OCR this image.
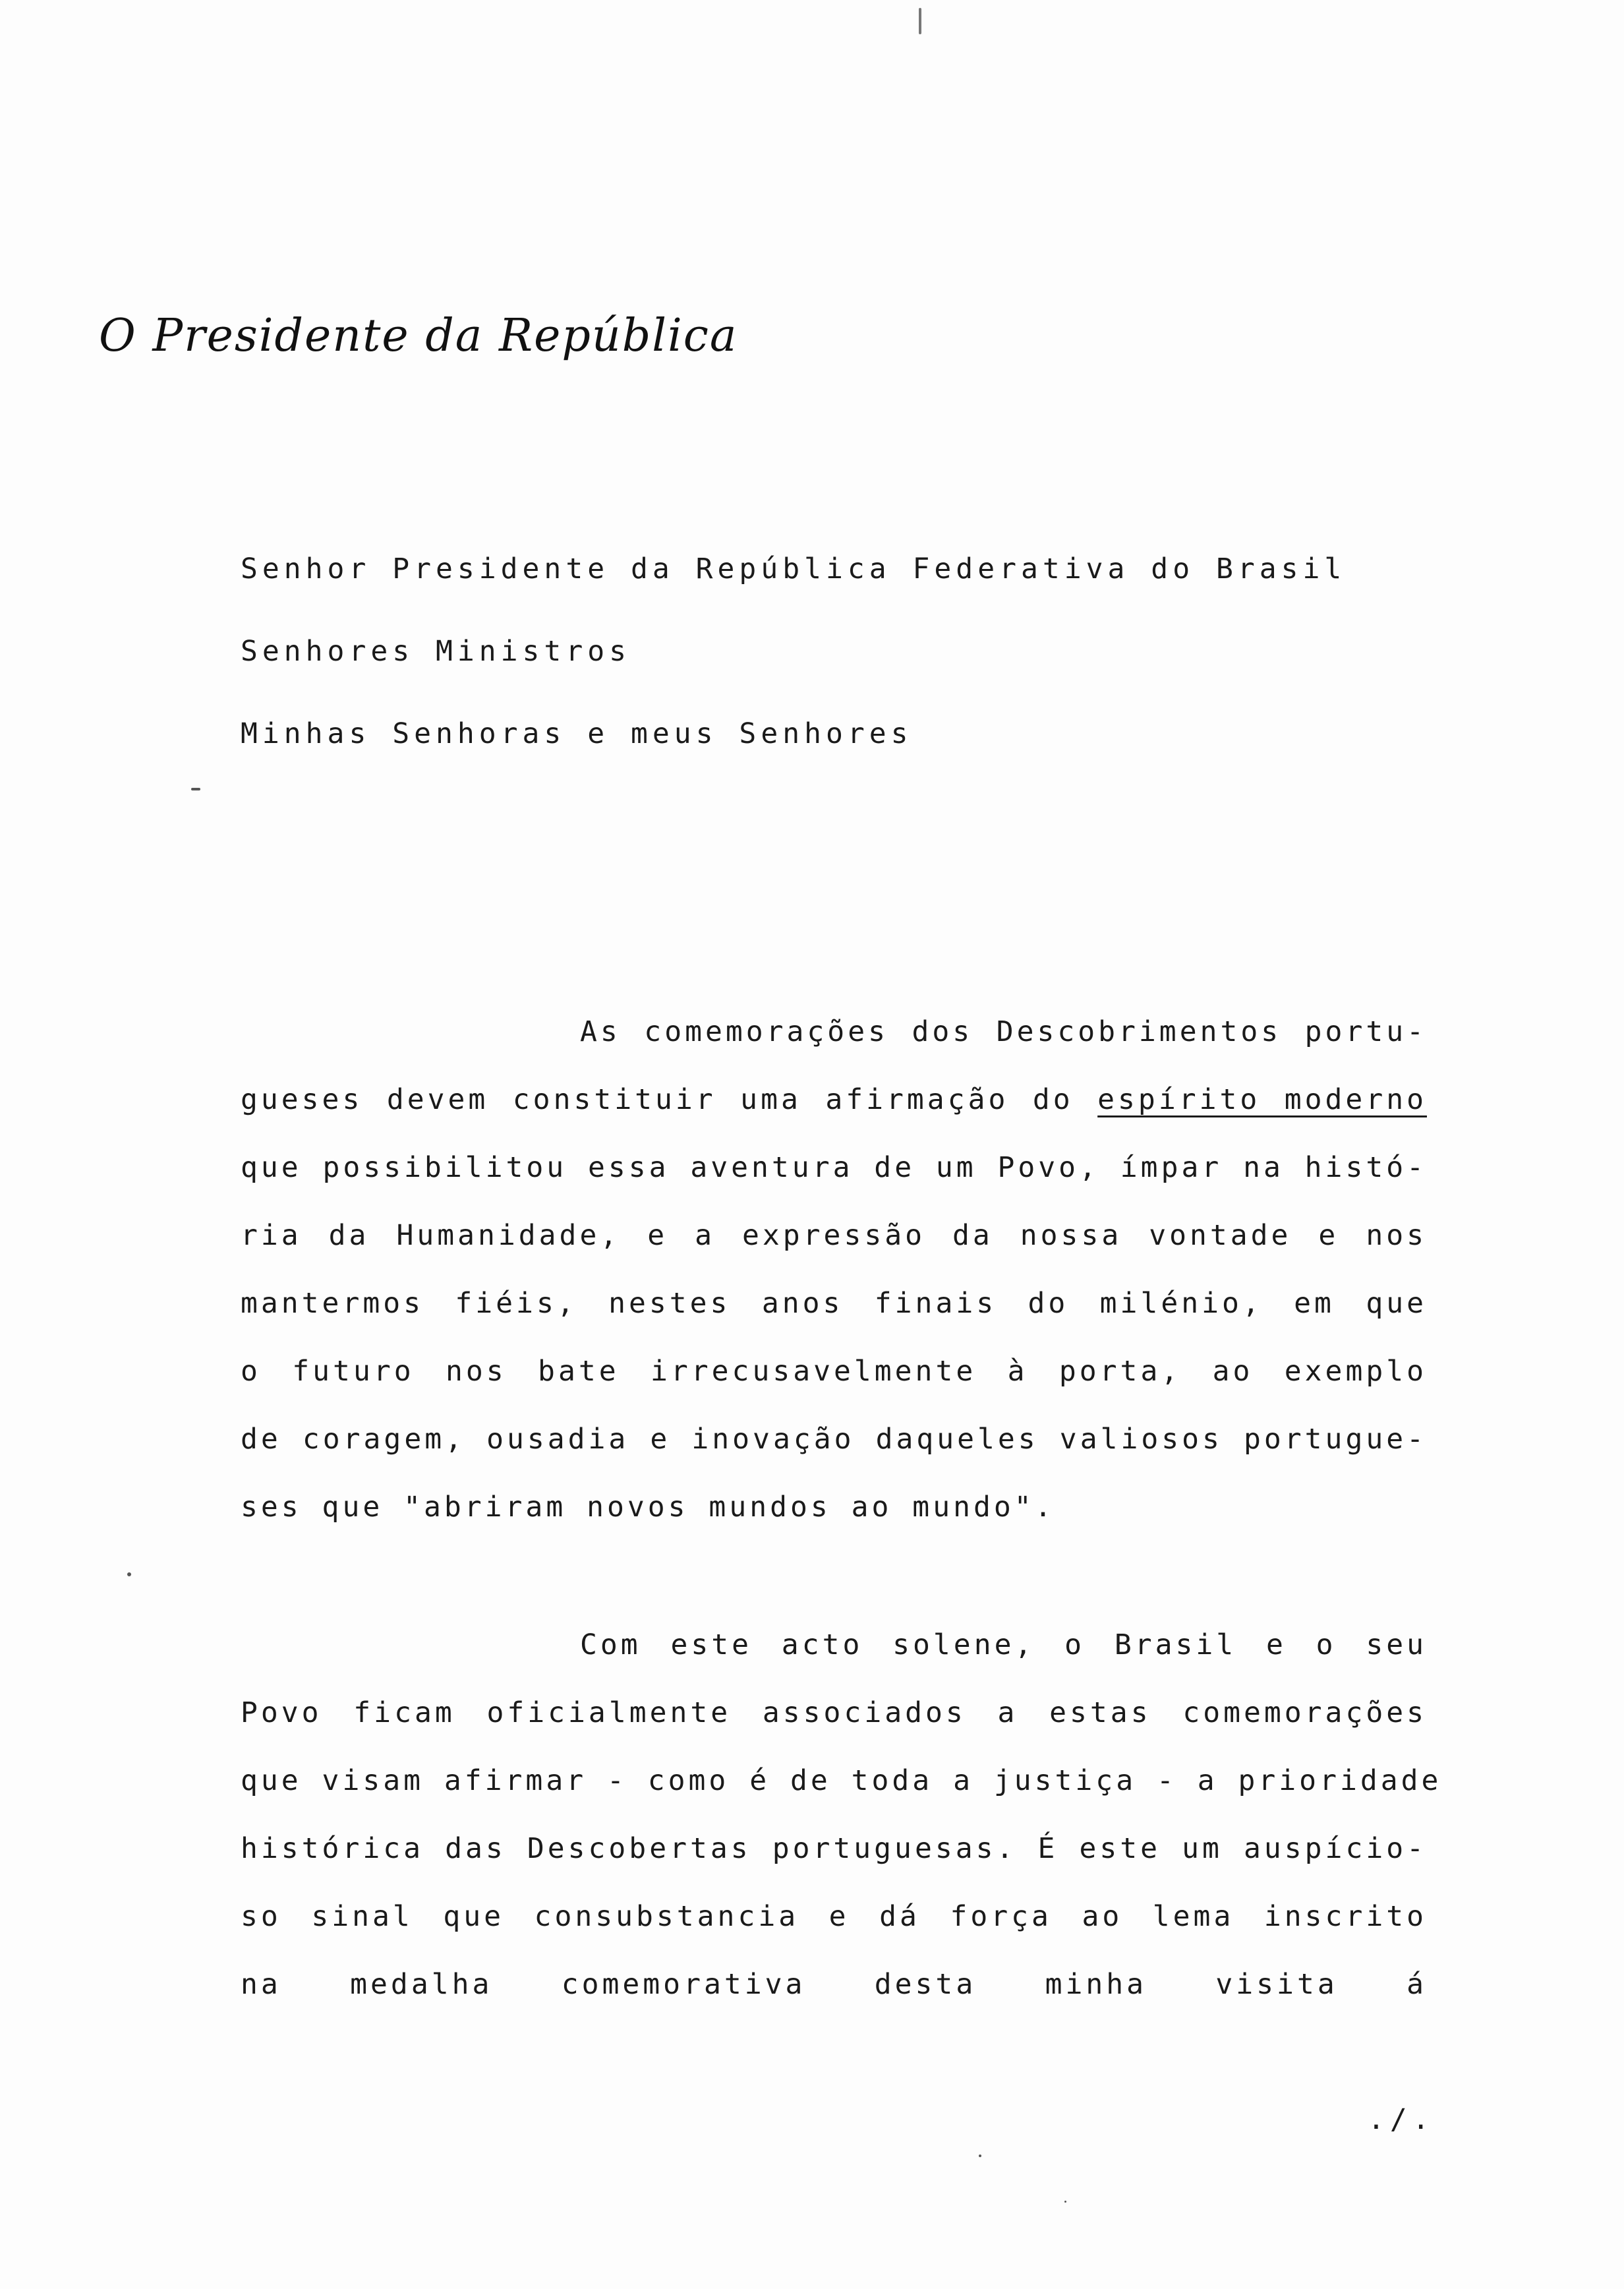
O Presidente da República
Senhor Presidente da República Federativa do Brasil
Senhores Ministros
Minhas Senhoras e meus Senhores
As comemorações dos Descobrimentos portu-
gueses devem constituir uma afirmação do espírito moderno
que possibilitou essa aventura de um Povo, ímpar na histó-
ria da Humanidade, e a expressão da nossa vontade e nos
mantermos fiéis, nestes anos finais do milénio, em que
o futuro nos bate irrecusavelmente à porta, ao exemplo
de coragem, ousadia e inovação daqueles valiosos portugue-
ses que "abriram novos mundos ao mundo".
Com este acto solene, o Brasil e o seu
Povo ficam oficialmente associados a estas comemorações
que visam afirmar - como é de toda a justiça - a prioridade
histórica das Descobertas portuguesas. É este um auspício-
so sinal que consubstancia e dá força ao lema inscrito
na medalha comemorativa desta minha visita á
./.
